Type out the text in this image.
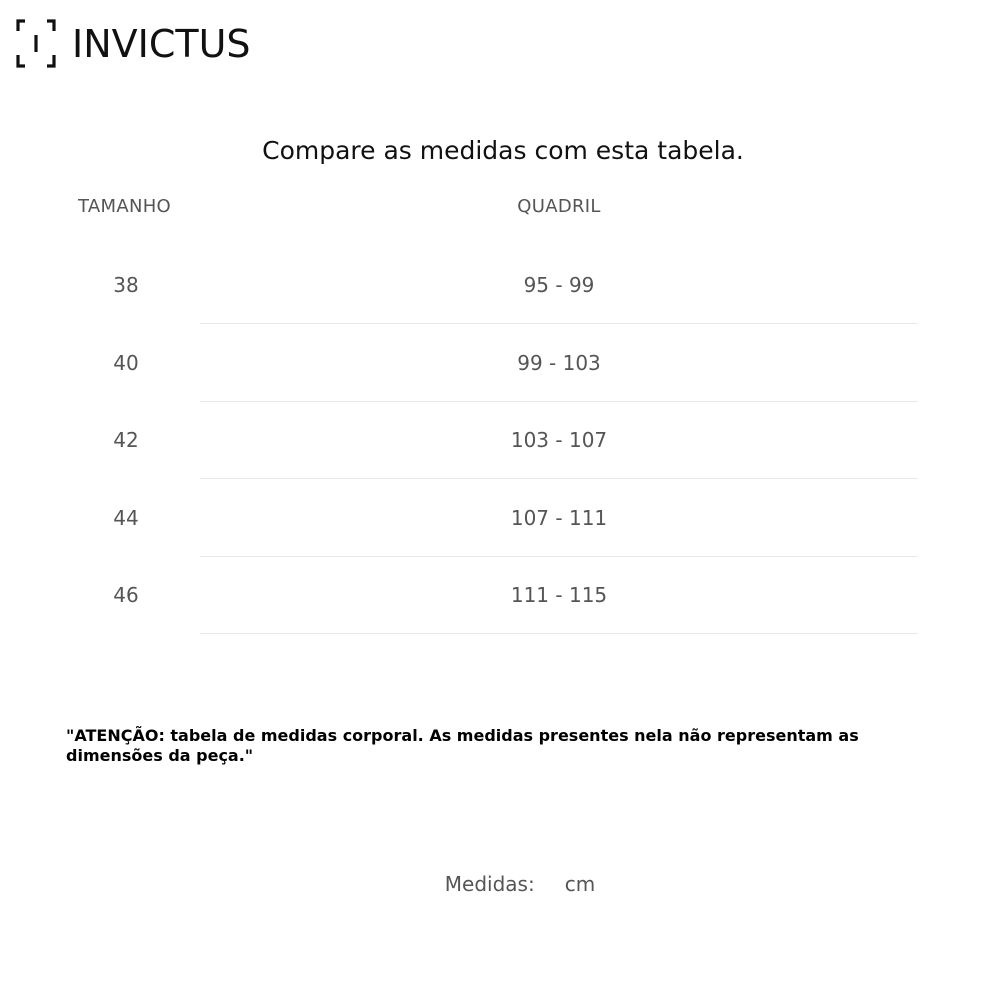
INVICTUS
Compare as medidas com esta tabela.
TAMANHO	QUADRIL
38	95 - 99
40	99 - 103
42	103 - 107
44	107 - 111
46	111 - 115
"ATENÇÃO: tabela de medidas corporal. As medidas presentes nela não representam as dimensões da peça."
Medidas: cm
